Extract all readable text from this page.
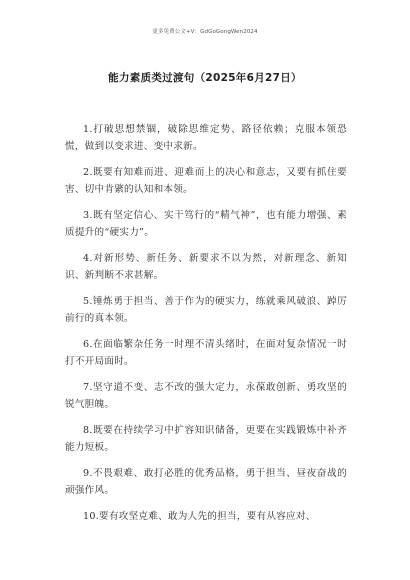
更多免费公文+V：GdGoGongWen2024
能力素质类过渡句（2025年6月27日）
1.打破思想禁锢，破除思维定势、路径依赖；克服本领恐慌，做到以变求进、变中求新。
2.既要有知难而进、迎难而上的决心和意志，又要有抓住要害、切中肯綮的认知和本领。
3.既有坚定信心、实干笃行的“精气神”，也有能力增强、素质提升的“硬实力”。
4.对新形势、新任务、新要求不以为然，对新理念、新知识、新判断不求甚解。
5.锤炼勇于担当、善于作为的硬实力，练就乘风破浪、踔厉前行的真本领。
6.在面临繁杂任务一时理不清头绪时，在面对复杂情况一时打不开局面时。
7.坚守道不变、志不改的强大定力，永葆敢创新、勇攻坚的锐气胆魄。
8.既要在持续学习中扩容知识储备，更要在实践锻炼中补齐能力短板。
9.不畏艰难、敢打必胜的优秀品格，勇于担当、昼夜奋战的顽强作风。
10.要有攻坚克难、敢为人先的担当，要有从容应对、
